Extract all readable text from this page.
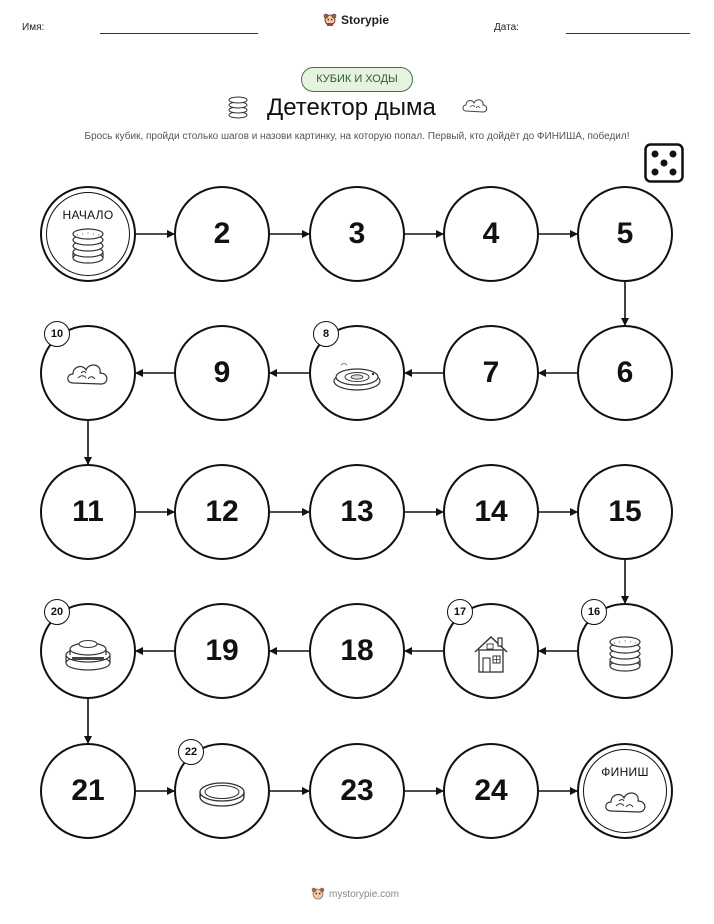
Имя:
Storypie
Дата:
КУБИК И ХОДЫ
Детектор дыма
Брось кубик, пройди столько шагов и назови картинку, на которую попал. Первый, кто дойдёт до ФИНИША, победил!
НАЧАЛО
2	3	4	5
6
7
8
9
10
11	12	13	14	15
16
17
18
19
20
21
22
23	24
ФИНИШ
mystorypie.com
